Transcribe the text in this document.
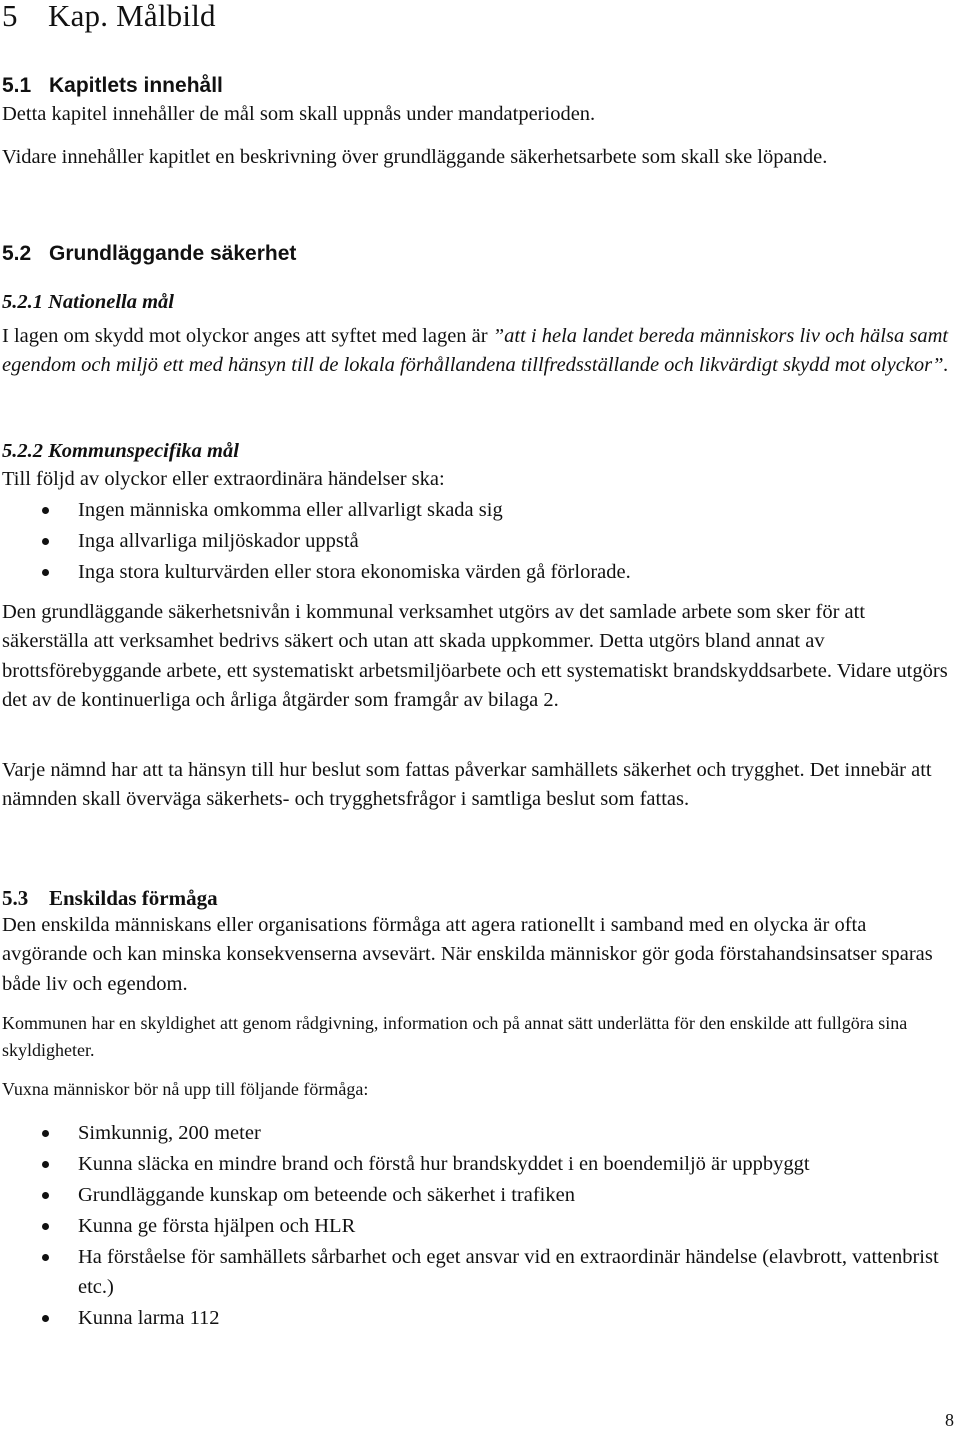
5 Kap. Målbild
5.1 Kapitlets innehåll

Detta kapitel innehåller de mål som skall uppnås under mandatperioden.

Vidare innehåller kapitlet en beskrivning över grundläggande säkerhetsarbete som skall ske löpande.

5.2 Grundläggande säkerhet
5.2.1 Nationella mål

I lagen om skydd mot olyckor anges att syftet med lagen är ”att i hela landet bereda människors liv och hälsa samt egendom och miljö ett med hänsyn till de lokala förhållandena tillfredsställande och likvärdigt skydd mot olyckor”.

5.2.2 Kommunspecifika mål

Till följd av olyckor eller extraordinära händelser ska:

Ingen människa omkomma eller allvarligt skada sig
Inga allvarliga miljöskador uppstå
Inga stora kulturvärden eller stora ekonomiska värden gå förlorade.

Den grundläggande säkerhetsnivån i kommunal verksamhet utgörs av det samlade arbete som sker för att säkerställa att verksamhet bedrivs säkert och utan att skada uppkommer. Detta utgörs bland annat av brottsförebyggande arbete, ett systematiskt arbetsmiljöarbete och ett systematiskt brandskyddsarbete. Vidare utgörs det av de kontinuerliga och årliga åtgärder som framgår av bilaga 2.

Varje nämnd har att ta hänsyn till hur beslut som fattas påverkar samhällets säkerhet och trygghet. Det innebär att nämnden skall överväga säkerhets- och trygghetsfrågor i samtliga beslut som fattas.

5.3 Enskildas förmåga

Den enskilda människans eller organisations förmåga att agera rationellt i samband med en olycka är ofta avgörande och kan minska konsekvenserna avsevärt. När enskilda människor gör goda förstahandsinsatser sparas både liv och egendom.

Kommunen har en skyldighet att genom rådgivning, information och på annat sätt underlätta för den enskilde att fullgöra sina skyldigheter.

Vuxna människor bör nå upp till följande förmåga:

Simkunnig, 200 meter
Kunna släcka en mindre brand och förstå hur brandskyddet i en boendemiljö är uppbyggt
Grundläggande kunskap om beteende och säkerhet i trafiken
Kunna ge första hjälpen och HLR
Ha förståelse för samhällets sårbarhet och eget ansvar vid en extraordinär händelse (elavbrott, vattenbrist etc.)
Kunna larma 112
8
